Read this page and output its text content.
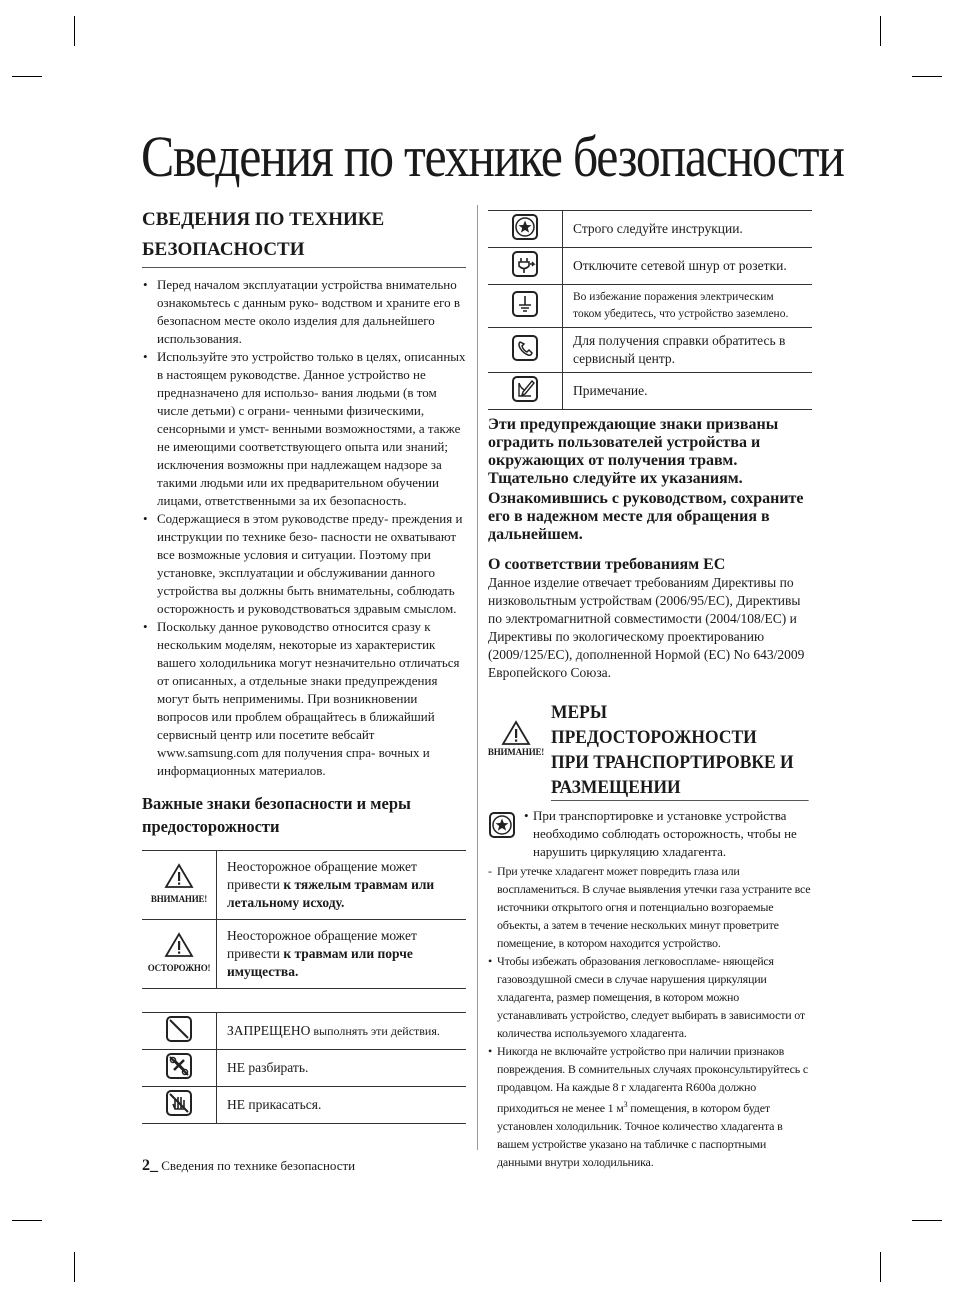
Сведения по технике безопасности
СВЕДЕНИЯ ПО ТЕХНИКЕ
БЕЗОПАСНОСТИ
• Перед началом эксплуатации устройства внимательно ознакомьтесь с данным руко- водством и храните его в безопасном месте около изделия для дальнейшего использования.
• Используйте это устройство только в целях, описанных в настоящем руководстве. Данное устройство не предназначено для использо- вания людьми (в том числе детьми) с ограни- ченными физическими, сенсорными и умст- венными возможностями, а также не имеющими соответствующего опыта или знаний; исключения возможны при надлежащем надзоре за такими людьми или их предварительном обучении лицами, ответственными за их безопасность.
• Содержащиеся в этом руководстве преду- преждения и инструкции по технике безо- пасности не охватывают все возможные условия и ситуации. Поэтому при установке, эксплуатации и обслуживании данного устройства вы должны быть внимательны, соблюдать осторожность и руководствоваться здравым смыслом.
• Поскольку данное руководство относится сразу к нескольким моделям, некоторые из характеристик вашего холодильника могут незначительно отличаться от описанных, а отдельные знаки предупреждения могут быть неприменимы. При возникновении вопросов или проблем обращайтесь в ближайший сервисный центр или посетите вебсайт www.samsung.com для получения спра- вочных и информационных материалов.
Важные знаки безопасности и меры
предосторожности
ВНИМАНИЕ!	Неосторожное обращение может привести к тяжелым травмам или летальному исходу.

ОСТОРОЖНО!	Неосторожное обращение может привести к травмам или порче имущества.
	ЗАПРЕЩЕНО выполнять эти действия.
	НЕ разбирать.
	НЕ прикасаться.
	Строго следуйте инструкции.
	Отключите сетевой шнур от розетки.
	Во избежание поражения электрическим током убедитесь, что устройство заземлено.
	Для получения справки обратитесь в сервисный центр.
	Примечание.

Эти предупреждающие знаки призваны оградить пользователей устройства и окружающих от получения травм. Тщательно следуйте их указаниям.

Ознакомившись с руководством, сохраните его в надежном месте для обращения в дальнейшем.

О соответствии требованиям ЕС

Данное изделие отвечает требованиям Директивы по низковольтным устройствам (2006/95/EC), Директивы по электромагнитной совместимости (2004/108/EC) и Директивы по экологическому проектированию (2009/125/EC), дополненной Нормой (EC) No 643/2009 Европейского Союза.

МЕРЫ ПРЕДОСТОРОЖНОСТИ
ПРИ ТРАНСПОРТИРОВКЕ И
РАЗМЕЩЕНИИ
ВНИМАНИЕ!
• При транспортировке и установке устройства необходимо соблюдать осторожность, чтобы не нарушить циркуляцию хладагента.
- При утечке хладагент может повредить глаза или воспламениться. В случае выявления утечки газа устраните все источники открытого огня и потенциально возгораемые объекты, а затем в течение нескольких минут проветрите помещение, в котором находится устройство.
• Чтобы избежать образования легковоспламе- няющейся газовоздушной смеси в случае нарушения циркуляции хладагента, размер помещения, в котором можно устанавливать устройство, следует выбирать в зависимости от количества используемого хладагента.
• Никогда не включайте устройство при наличии признаков повреждения. В сомнительных случаях проконсультируйтесь с продавцом. На каждые 8 г хладагента R600a должно приходиться не менее 1 $м^3$ помещения, в котором будет установлен холодильник. Точное количество хладагента в вашем устройстве указано на табличке с паспортными данными внутри холодильника.
2_ Сведения по технике безопасности
